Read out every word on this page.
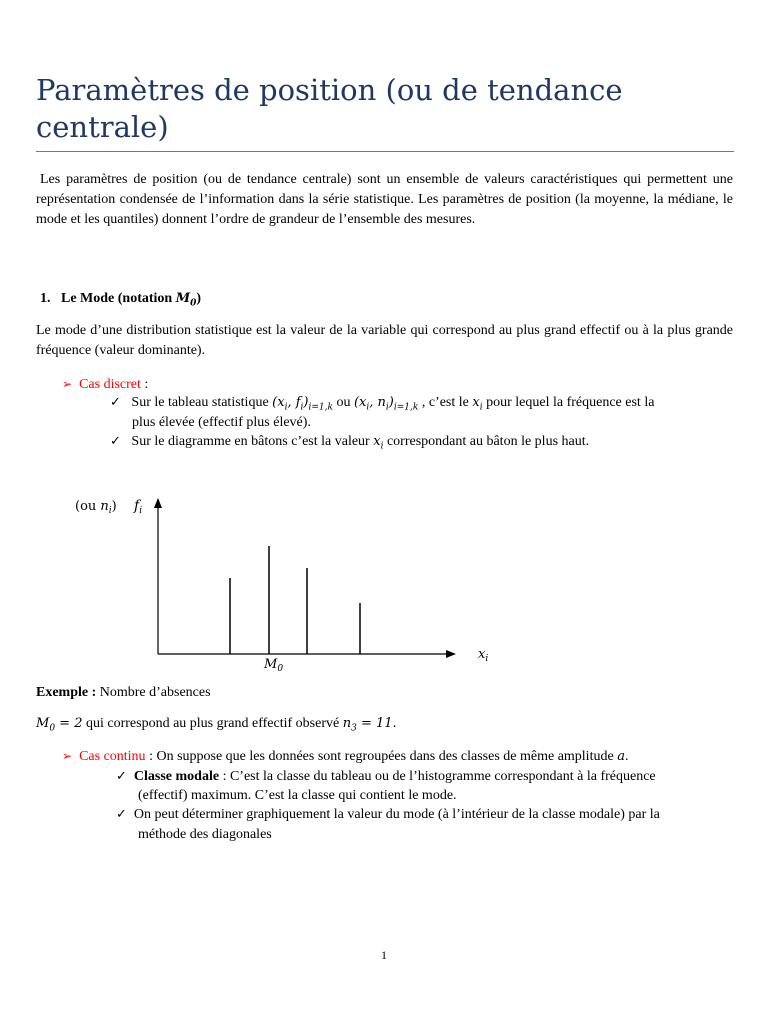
Paramètres de position (ou de tendance centrale)

Les paramètres de position (ou de tendance centrale) sont un ensemble de valeurs caractéristiques qui permettent une représentation condensée de l’information dans la série statistique. Les paramètres de position (la moyenne, la médiane, le mode et les quantiles) donnent l’ordre de grandeur de l’ensemble des mesures.

1. Le Mode (notation $M_0$)

Le mode d’une distribution statistique est la valeur de la variable qui correspond au plus grand effectif ou à la plus grande fréquence (valeur dominante).

➢ Cas discret :

✓ Sur le tableau statistique ($x_i$, $f_i)_{i=1,k}$ ou ($x_i$, $n_i)_{i=1,k}$ , c’est le $x_i$ pour lequel la fréquence est la

plus élevée (effectif plus élevé).

✓ Sur le diagramme en bâtons c’est la valeur $x_i$ correspondant au bâton le plus haut.

(ou $n_i$) $f_i$
$x_i$
$M_0$

Exemple : Nombre d’absences

$M_0 = 2$ qui correspond au plus grand effectif observé $n_3 = 11$.

➢ Cas continu : On suppose que les données sont regroupées dans des classes de même amplitude a.

✓ Classe modale : C’est la classe du tableau ou de l’histogramme correspondant à la fréquence

(effectif) maximum. C’est la classe qui contient le mode.

✓ On peut déterminer graphiquement la valeur du mode (à l’intérieur de la classe modale) par la

méthode des diagonales

1
